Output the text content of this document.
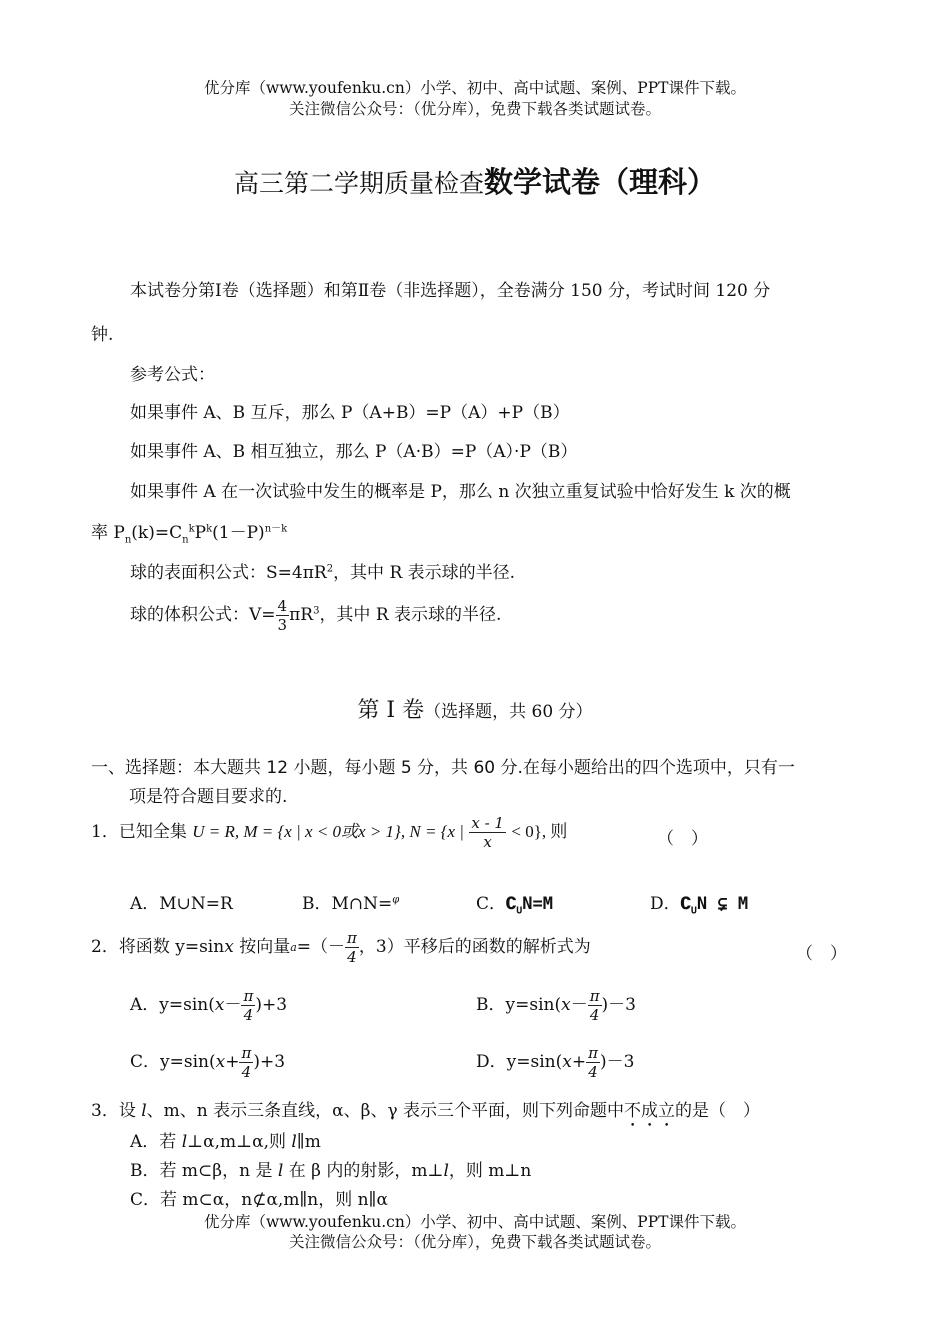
优分库（www.youfenku.cn）小学、初中、高中试题、案例、PPT课件下载。
关注微信公众号：（优分库），免费下载各类试题试卷。
高三第二学期质量检查数学试卷（理科）
本试卷分第Ⅰ卷（选择题）和第Ⅱ卷（非选择题），全卷满分 150 分，考试时间 120 分
钟.
参考公式：
如果事件 A、B 互斥，那么 P（A+B）=P（A）+P（B）
如果事件 A、B 相互独立，那么 P（A·B）=P（A）·P（B）
如果事件 A 在一次试验中发生的概率是 P，那么 n 次独立重复试验中恰好发生 k 次的概
率 $P_n(k)=C_n^kP^k(1-P)^{n-k}$
球的表面积公式：$S=4\pi R^2$，其中 R 表示球的半径.
球的体积公式：$V= \frac{4}{3} \pi R^3$，其中 R 表示球的半径.
第 Ⅰ 卷（选择题，共 60 分）
一、选择题：本大题共 12 小题，每小题 5 分，共 60 分.在每小题给出的四个选项中，只有一
项是符合题目要求的.
1．已知全集 U = R, M = {x | x < 0或x > 1}, N = {x | $\frac{x - 1}{x} < 0$}, 则	（　）
A．M∪N=R	B．M∩N=$^\varphi$	C．$∁_UN=M$	D．$∁_UN$ ⊊ M
2．将函数 y=sinx 按向量$a=(- \frac{\pi}{4}$ ，3）平移后的函数的解析式为	（　）
A．$y=\sin(x- \frac{\pi}{4} )+3$	B．$y=\sin(x- \frac{\pi}{4} )-3$
C．$y=\sin(x+ \frac{\pi}{4} )+3$	D．$y=\sin(x+ \frac{\pi}{4} )-3$
3．设 l、m、n 表示三条直线，α、β、γ 表示三个平面，则下列命题中不成立的是（　）
A．若 l⊥α,m⊥α,则 l∥m
B．若 m⊂β，n 是 l 在 β 内的射影，m⊥l，则 m⊥n
C．若 m⊂α，n⊄α,m∥n，则 n∥α
优分库（www.youfenku.cn）小学、初中、高中试题、案例、PPT课件下载。
关注微信公众号：（优分库），免费下载各类试题试卷。
